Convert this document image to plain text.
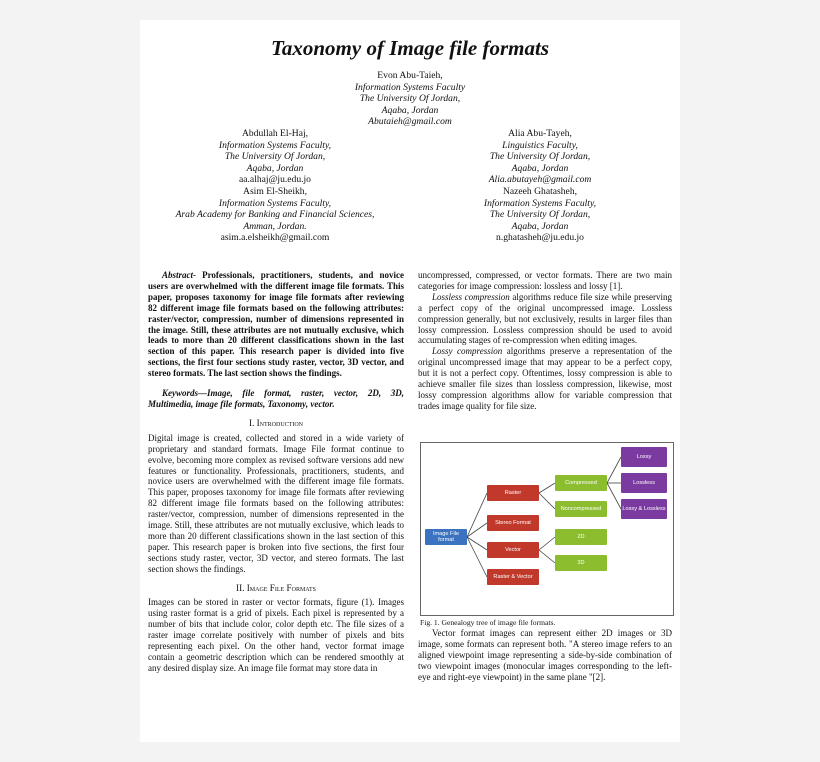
Taxonomy of Image file formats
Evon Abu-Taieh,
Information Systems Faculty
The University Of Jordan,
Aqaba, Jordan
Abutaieh@gmail.com
Abdullah El-Haj,
Information Systems Faculty,
The University Of Jordan,
Aqaba, Jordan
aa.alhaj@ju.edu.jo
Asim El-Sheikh,
Information Systems Faculty,
Arab Academy for Banking and Financial Sciences,
Amman, Jordan.
asim.a.elsheikh@gmail.com
Alia Abu-Tayeh,
Linguistics Faculty,
The University Of Jordan,
Aqaba, Jordan
Alia.abutayeh@gmail.com
Nazeeh Ghatasheh,
Information Systems Faculty,
The University Of Jordan,
Aqaba, Jordan
n.ghatasheh@ju.edu.jo

Abstract- Professionals, practitioners, students, and novice users are overwhelmed with the different image file formats. This paper, proposes taxonomy for image file formats after reviewing 82 different image file formats based on the following attributes: raster/vector, compression, number of dimensions represented in the image. Still, these attributes are not mutually exclusive, which leads to more than 20 different classifications shown in the last section of this paper. This research paper is divided into five sections, the first four sections study raster, vector, 3D vector, and stereo formats. The last section shows the findings.

Keywords—Image, file format, raster, vector, 2D, 3D, Multimedia, image file formats, Taxonomy, vector.

I. Introduction

Digital image is created, collected and stored in a wide variety of proprietary and standard formats. Image File format continue to evolve, becoming more complex as revised software versions add new features or functionality. Professionals, practitioners, students, and novice users are overwhelmed with the different image file formats. This paper, proposes taxonomy for image file formats after reviewing 82 different image file formats based on the following attributes: raster/vector, compression, number of dimensions represented in the image. Still, these attributes are not mutually exclusive, which leads to more than 20 different classifications shown in the last section of this paper. This research paper is broken into five sections, the first four sections study raster, vector, 3D vector, and stereo formats. The last section shows the findings.

II. Image File Formats

Images can be stored in raster or vector formats, figure (1). Images using raster format is a grid of pixels. Each pixel is represented by a number of bits that include color, color depth etc. The file sizes of a raster image correlate positively with number of pixels and bits representing each pixel. On the other hand, vector format image contain a geometric description which can be rendered smoothly at any desired display size. An image file format may store data in

uncompressed, compressed, or vector formats. There are two main categories for image compression: lossless and lossy [1].

Lossless compression algorithms reduce file size while preserving a perfect copy of the original uncompressed image. Lossless compression generally, but not exclusively, results in larger files than lossy compression. Lossless compression should be used to avoid accumulating stages of re-compression when editing images.

Lossy compression algorithms preserve a representation of the original uncompressed image that may appear to be a perfect copy, but it is not a perfect copy. Oftentimes, lossy compression is able to achieve smaller file sizes than lossless compression, likewise, most lossy compression algorithms allow for variable compression that trades image quality for file size.

Image File format
Raster
Stereo Format
Vector
Raster & Vector
Compressed
Noncompressed
2D
3D
Lossy
Lossless
Lossy & Lossless
Fig. 1. Genealogy tree of image file formats.

Vector format images can represent either 2D images or 3D image, some formats can represent both. "A stereo image refers to an aligned viewpoint image representing a side-by-side combination of two viewpoint images (monocular images corresponding to the left-eye and right-eye viewpoint) in the same plane "[2].
